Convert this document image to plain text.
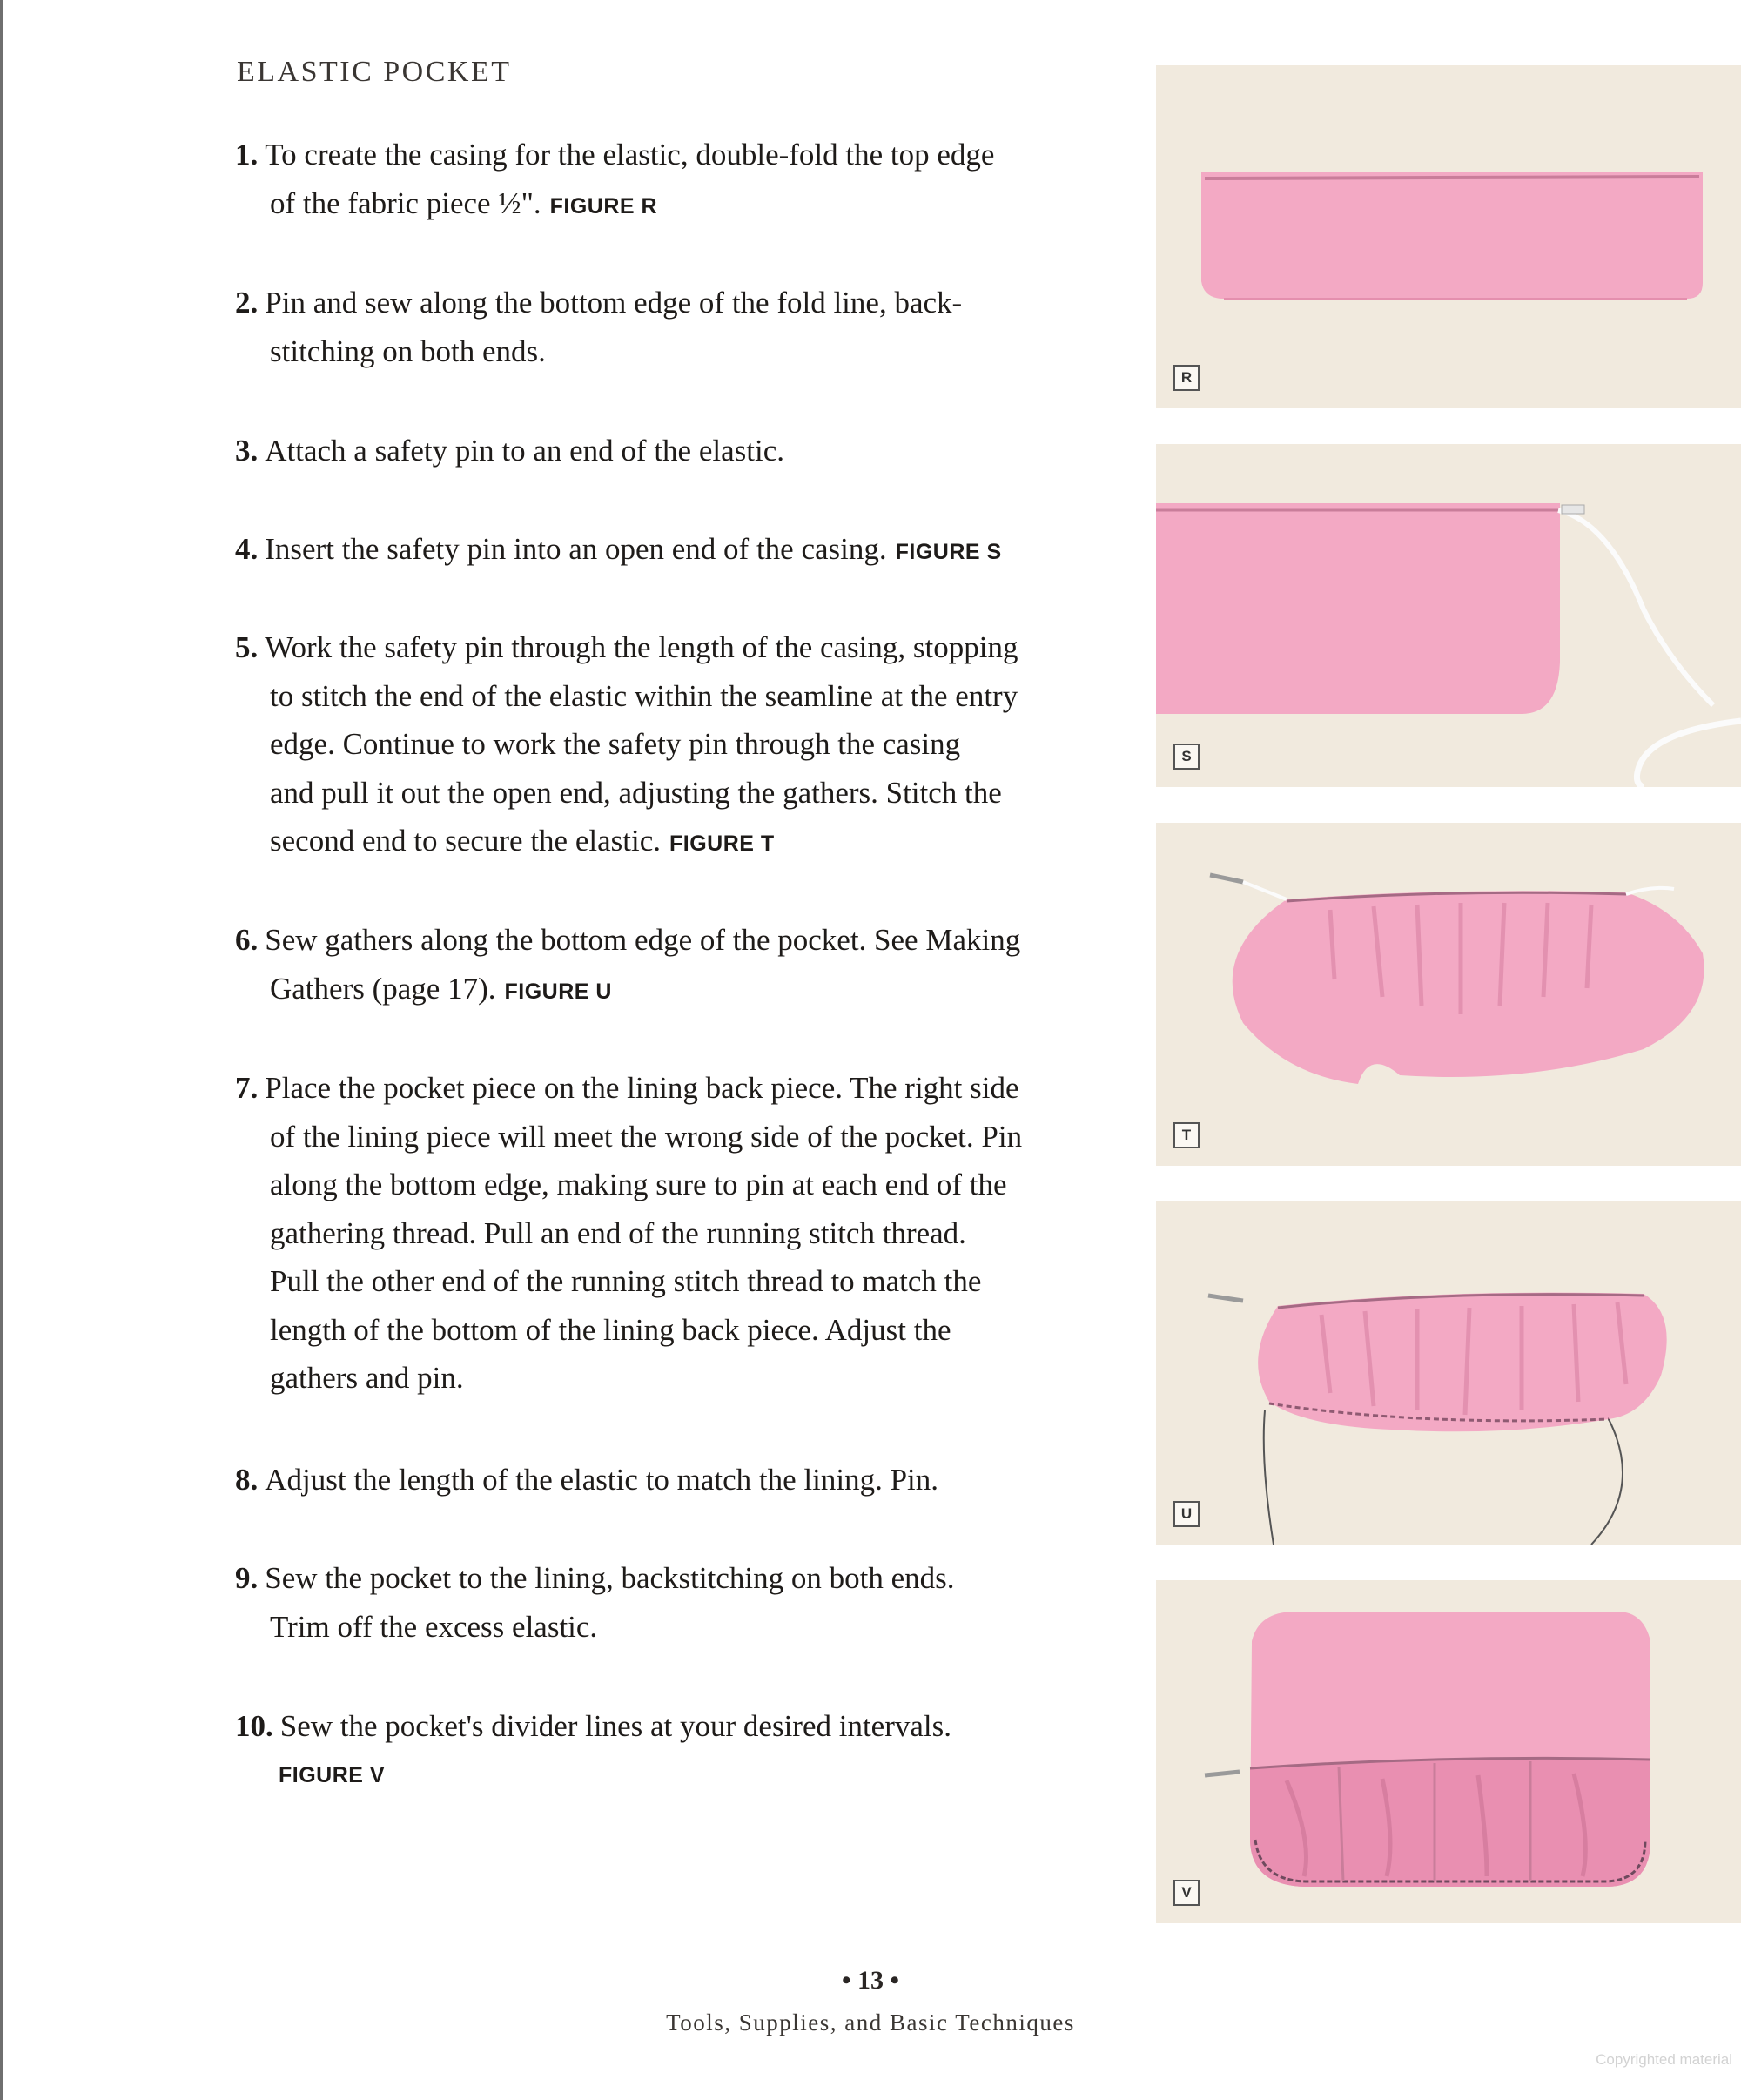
ELASTIC POCKET
1. To create the casing for the elastic, double-fold the top edge
of the fabric piece ½". FIGURE R
2. Pin and sew along the bottom edge of the fold line, back-
stitching on both ends.
3. Attach a safety pin to an end of the elastic.
4. Insert the safety pin into an open end of the casing. FIGURE S
5. Work the safety pin through the length of the casing, stopping
to stitch the end of the elastic within the seamline at the entry
edge. Continue to work the safety pin through the casing
and pull it out the open end, adjusting the gathers. Stitch the
second end to secure the elastic. FIGURE T
6. Sew gathers along the bottom edge of the pocket. See Making
Gathers (page 17). FIGURE U
7. Place the pocket piece on the lining back piece. The right side
of the lining piece will meet the wrong side of the pocket. Pin
along the bottom edge, making sure to pin at each end of the
gathering thread. Pull an end of the running stitch thread.
Pull the other end of the running stitch thread to match the
length of the bottom of the lining back piece. Adjust the
gathers and pin.
8. Adjust the length of the elastic to match the lining. Pin.
9. Sew the pocket to the lining, backstitching on both ends.
Trim off the excess elastic.
10. Sew the pocket's divider lines at your desired intervals.
FIGURE V
R
S
T
U
V
• 13 •
Tools, Supplies, and Basic Techniques
Copyrighted material
